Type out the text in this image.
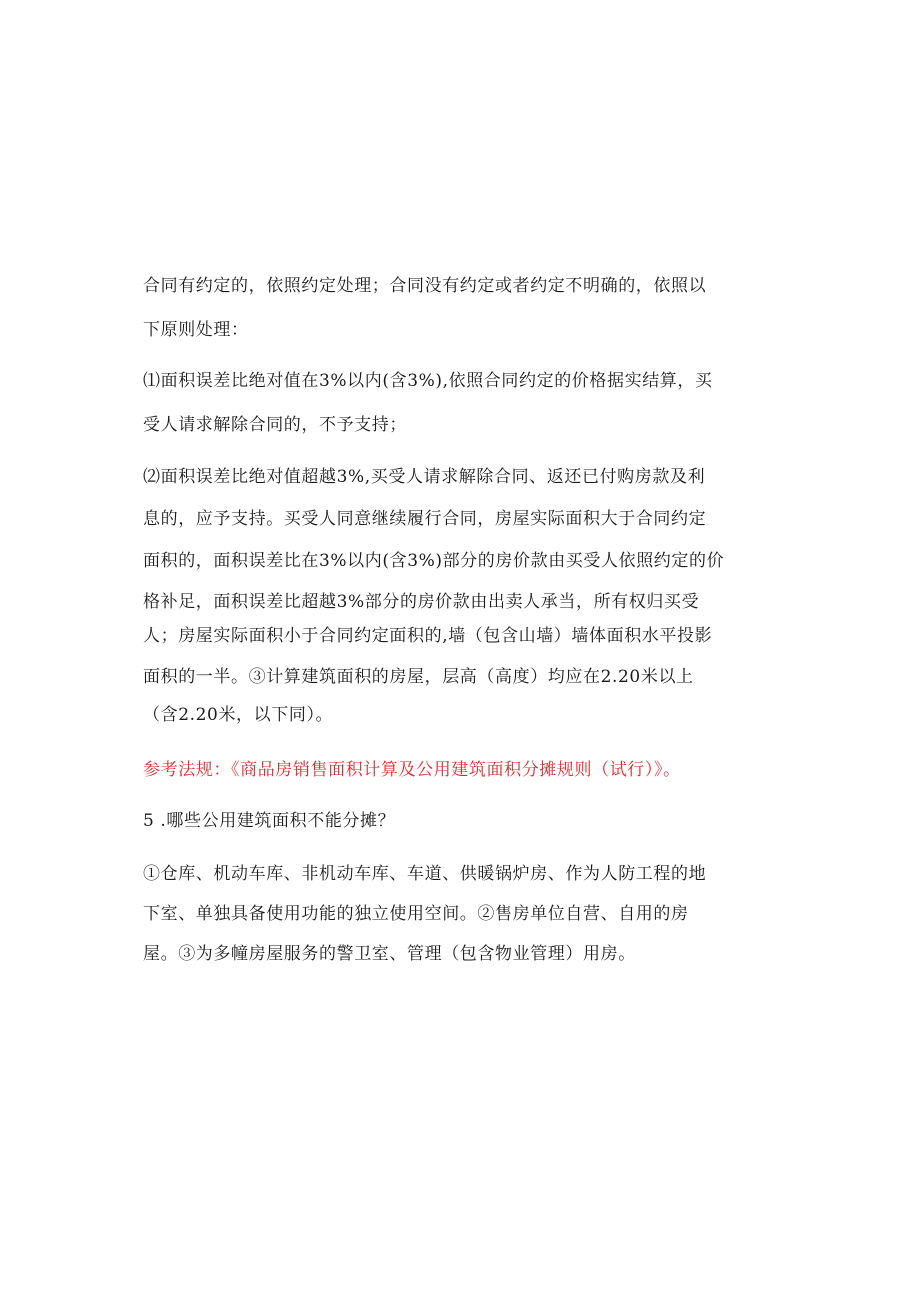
合同有约定的，依照约定处理；合同没有约定或者约定不明确的，依照以
下原则处理：
⑴面积误差比绝对值在3%以内(含3%),依照合同约定的价格据实结算，买
受人请求解除合同的，不予支持；
⑵面积误差比绝对值超越3%,买受人请求解除合同、返还已付购房款及利
息的，应予支持。买受人同意继续履行合同，房屋实际面积大于合同约定
面积的，面积误差比在3%以内(含3%)部分的房价款由买受人依照约定的价
格补足，面积误差比超越3%部分的房价款由出卖人承当，所有权归买受
人；房屋实际面积小于合同约定面积的,墙（包含山墙）墙体面积水平投影
面积的一半。③计算建筑面积的房屋，层高（高度）均应在2.20米以上
（含2.20米，以下同）。
参考法规：《商品房销售面积计算及公用建筑面积分摊规则（试行）》。
5 .哪些公用建筑面积不能分摊？
①仓库、机动车库、非机动车库、车道、供暖锅炉房、作为人防工程的地
下室、单独具备使用功能的独立使用空间。②售房单位自营、自用的房
屋。③为多幢房屋服务的警卫室、管理（包含物业管理）用房。
